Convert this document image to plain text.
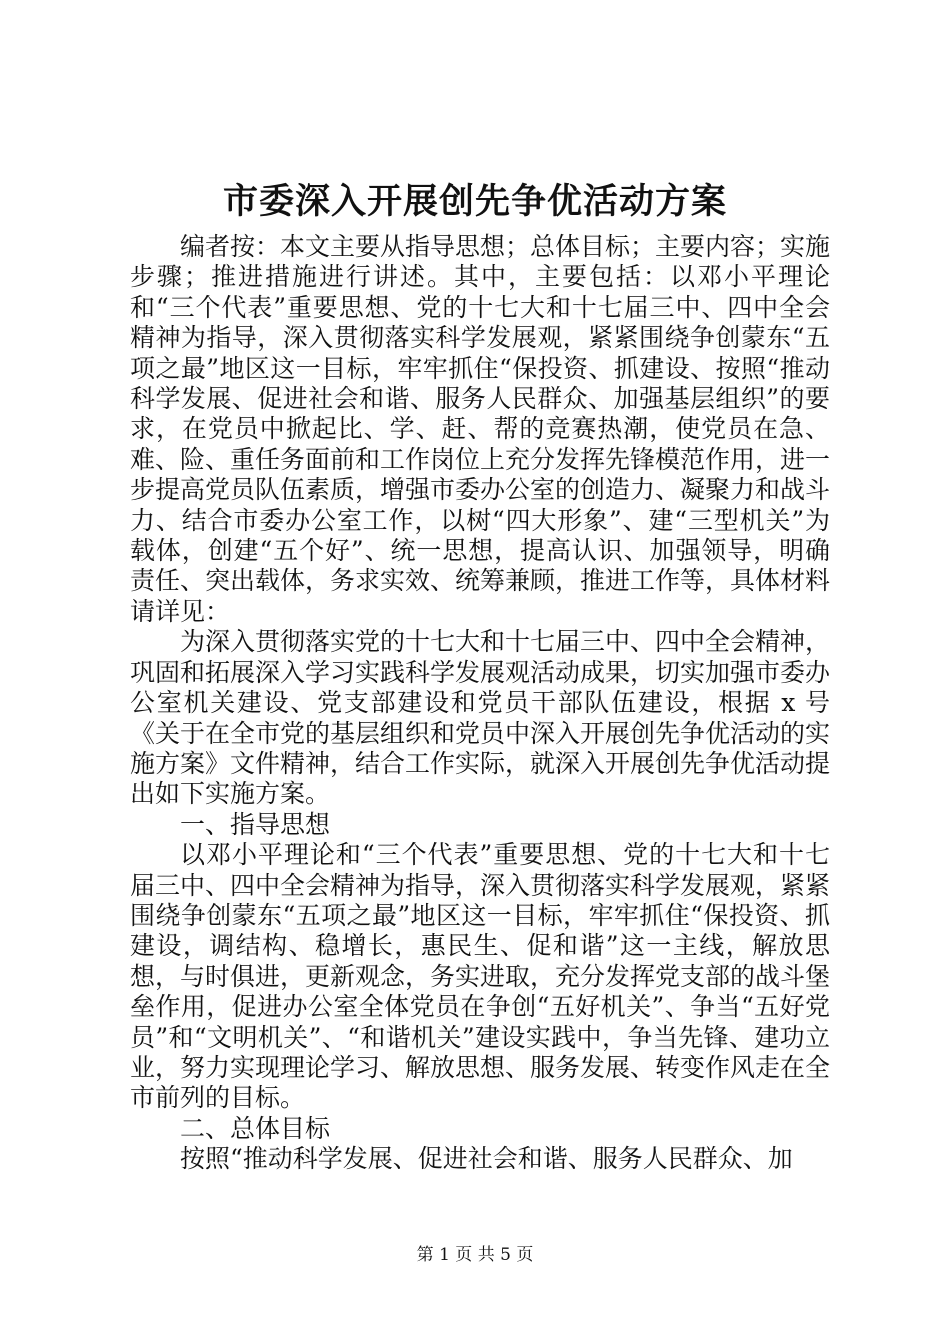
市委深入开展创先争优活动方案

编者按：本文主要从指导思想；总体目标；主要内容；实施步骤；推进措施进行讲述。其中，主要包括：以邓小平理论和“三个代表”重要思想、党的十七大和十七届三中、四中全会精神为指导，深入贯彻落实科学发展观，紧紧围绕争创蒙东“五项之最”地区这一目标，牢牢抓住“保投资、抓建设、按照“推动科学发展、促进社会和谐、服务人民群众、加强基层组织”的要求，在党员中掀起比、学、赶、帮的竞赛热潮，使党员在急、难、险、重任务面前和工作岗位上充分发挥先锋模范作用，进一步提高党员队伍素质，增强市委办公室的创造力、凝聚力和战斗力、结合市委办公室工作，以树“四大形象”、建“三型机关”为载体，创建“五个好”、统一思想，提高认识、加强领导，明确责任、突出载体，务求实效、统筹兼顾，推进工作等，具体材料请详见：

为深入贯彻落实党的十七大和十七届三中、四中全会精神，巩固和拓展深入学习实践科学发展观活动成果，切实加强市委办公室机关建设、党支部建设和党员干部队伍建设，根据 x 号《关于在全市党的基层组织和党员中深入开展创先争优活动的实施方案》文件精神，结合工作实际，就深入开展创先争优活动提出如下实施方案。

一、指导思想

以邓小平理论和“三个代表”重要思想、党的十七大和十七届三中、四中全会精神为指导，深入贯彻落实科学发展观，紧紧围绕争创蒙东“五项之最”地区这一目标，牢牢抓住“保投资、抓建设，调结构、稳增长，惠民生、促和谐”这一主线，解放思想，与时俱进，更新观念，务实进取，充分发挥党支部的战斗堡垒作用，促进办公室全体党员在争创“五好机关”、争当“五好党员”和“文明机关”、“和谐机关”建设实践中，争当先锋、建功立业，努力实现理论学习、解放思想、服务发展、转变作风走在全市前列的目标。

二、总体目标

按照“推动科学发展、促进社会和谐、服务人民群众、加

第 1 页 共 5 页
